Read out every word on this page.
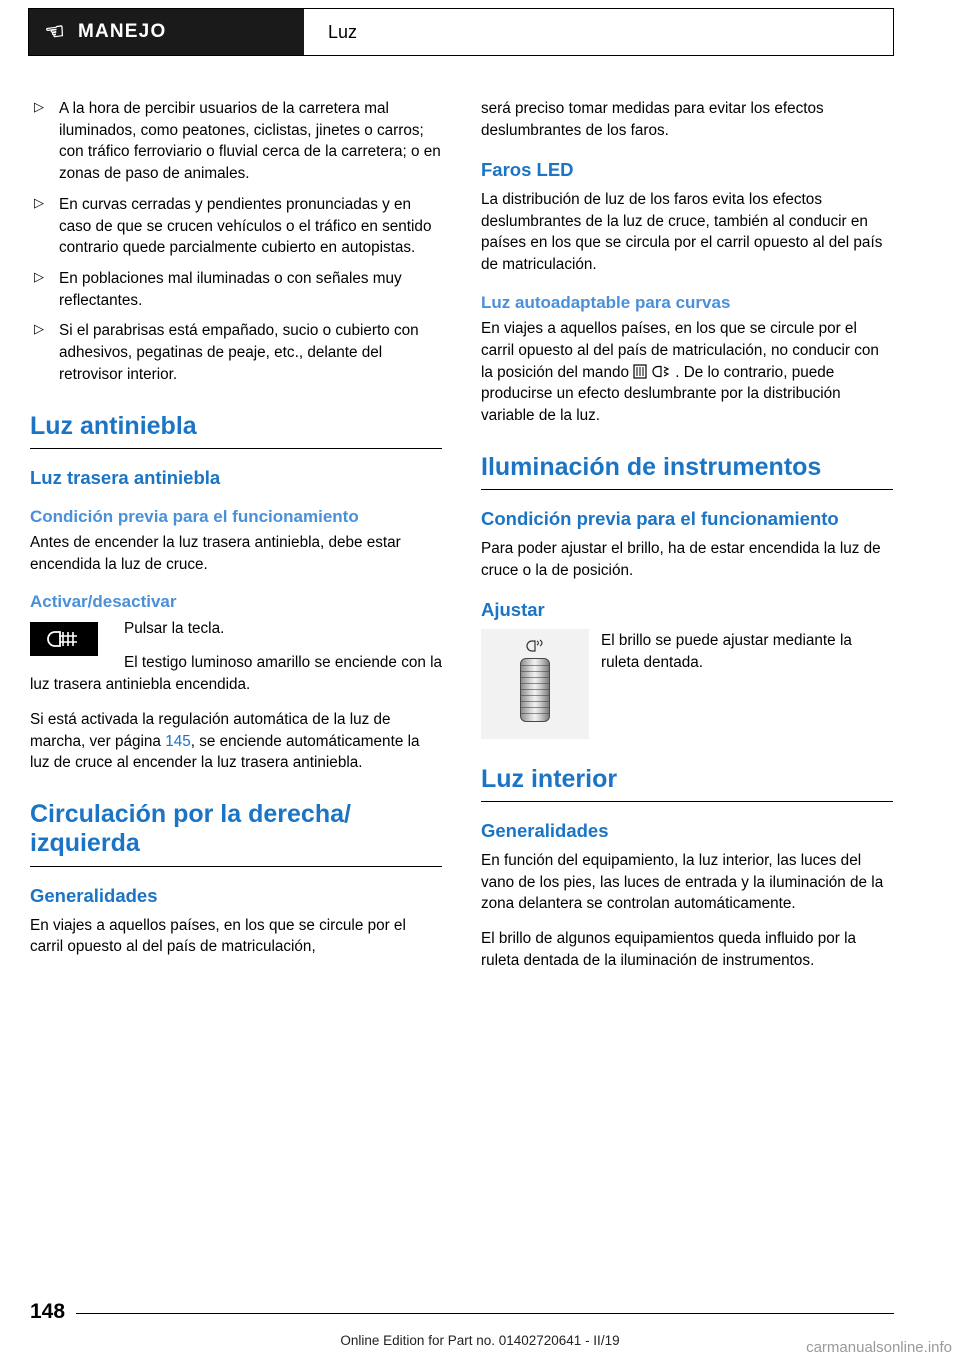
☜ MANEJO	Luz
▷ A la hora de percibir usuarios de la carretera mal iluminados, como peatones, ciclistas, jinetes o carros; con tráfico ferroviario o fluvial cerca de la carretera; o en zonas de paso de animales.
▷ En curvas cerradas y pendientes pronunciadas y en caso de que se crucen vehículos o el tráfico en sentido contrario quede parcialmente cubierto en autopistas.
▷ En poblaciones mal iluminadas o con señales muy reflectantes.
▷ Si el parabrisas está empañado, sucio o cubierto con adhesivos, pegatinas de peaje, etc., delante del retrovisor interior.
Luz antiniebla
Luz trasera antiniebla
Condición previa para el funcionamiento

Antes de encender la luz trasera antiniebla, debe estar encendida la luz de cruce.

Activar/desactivar

Pulsar la tecla.

El testigo luminoso amarillo se enciende con la luz trasera antiniebla encendida.

Si está activada la regulación automática de la luz de marcha, ver página 145, se enciende automáticamente la luz de cruce al encender la luz trasera antiniebla.

Circulación por la derecha/ izquierda
Generalidades

En viajes a aquellos países, en los que se circule por el carril opuesto al del país de matriculación,

será preciso tomar medidas para evitar los efectos deslumbrantes de los faros.

Faros LED

La distribución de luz de los faros evita los efectos deslumbrantes de la luz de cruce, también al conducir en países en los que se circula por el carril opuesto al del país de matriculación.

Luz autoadaptable para curvas

En viajes a aquellos países, en los que se circule por el carril opuesto al del país de matriculación, no conducir con la posición del mando	. De lo contrario, puede producirse un efecto deslumbrante por la distribución variable de la luz.

Iluminación de instrumentos
Condición previa para el funcionamiento

Para poder ajustar el brillo, ha de estar encendida la luz de cruce o la de posición.

Ajustar
El brillo se puede ajustar mediante la ruleta dentada.
Luz interior
Generalidades

En función del equipamiento, la luz interior, las luces del vano de los pies, las luces de entrada y la iluminación de la zona delantera se controlan automáticamente.

El brillo de algunos equipamientos queda influido por la ruleta dentada de la iluminación de instrumentos.

148
Online Edition for Part no. 01402720641 - II/19	carmanualsonline.info
